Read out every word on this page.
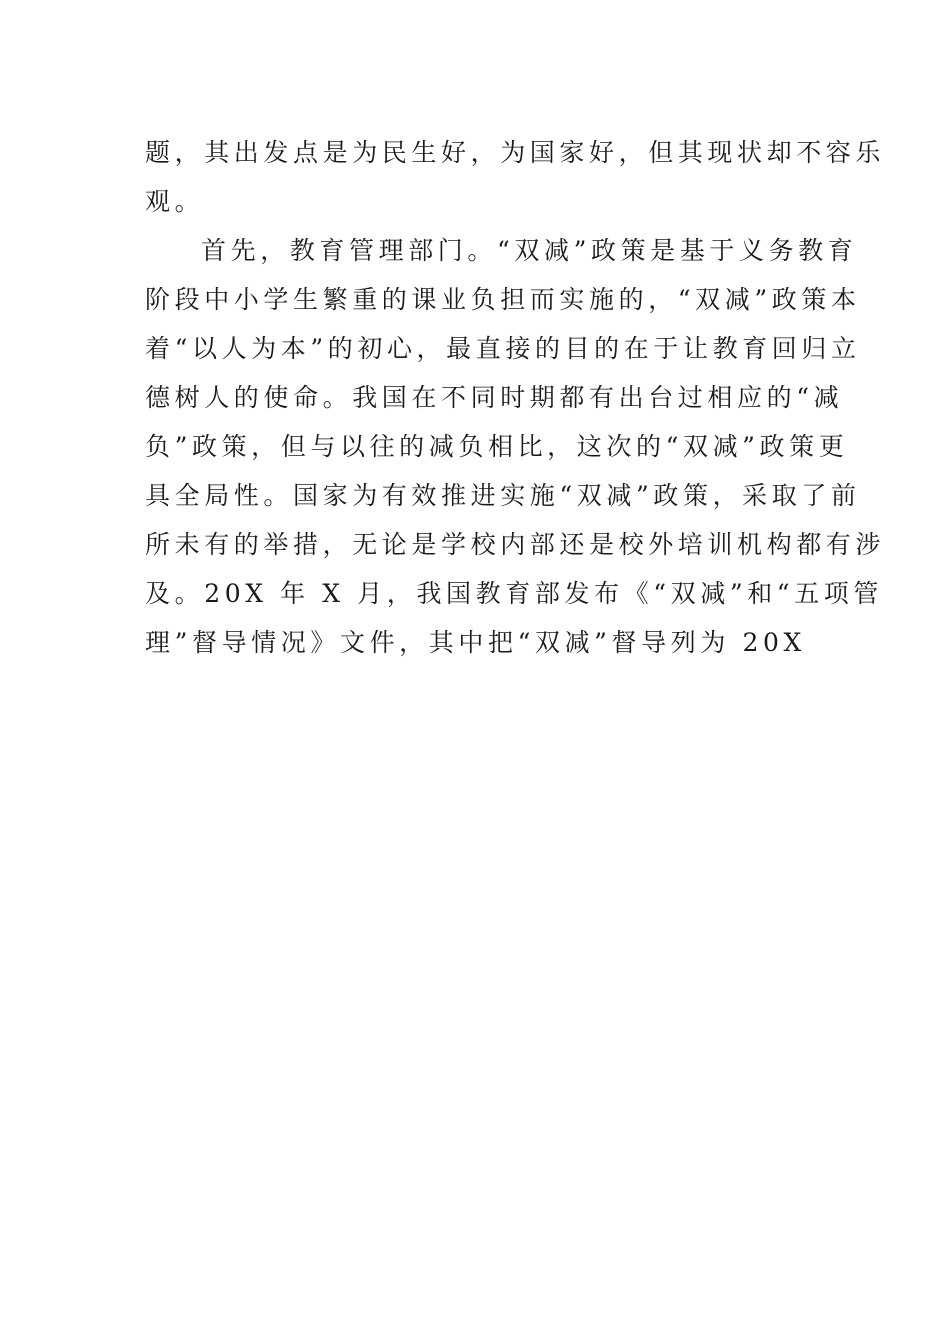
题，其出发点是为民生好，为国家好，但其现状却不容乐
观。
首先，教育管理部门。“双减”政策是基于义务教育
阶段中小学生繁重的课业负担而实施的，“双减”政策本
着“以人为本”的初心，最直接的目的在于让教育回归立
德树人的使命。我国在不同时期都有出台过相应的“减
负”政策，但与以往的减负相比，这次的“双减”政策更
具全局性。国家为有效推进实施“双减”政策，采取了前
所未有的举措，无论是学校内部还是校外培训机构都有涉
及。20X 年 X 月，我国教育部发布《“双减”和“五项管
理”督导情况》文件，其中把“双减”督导列为 20X
